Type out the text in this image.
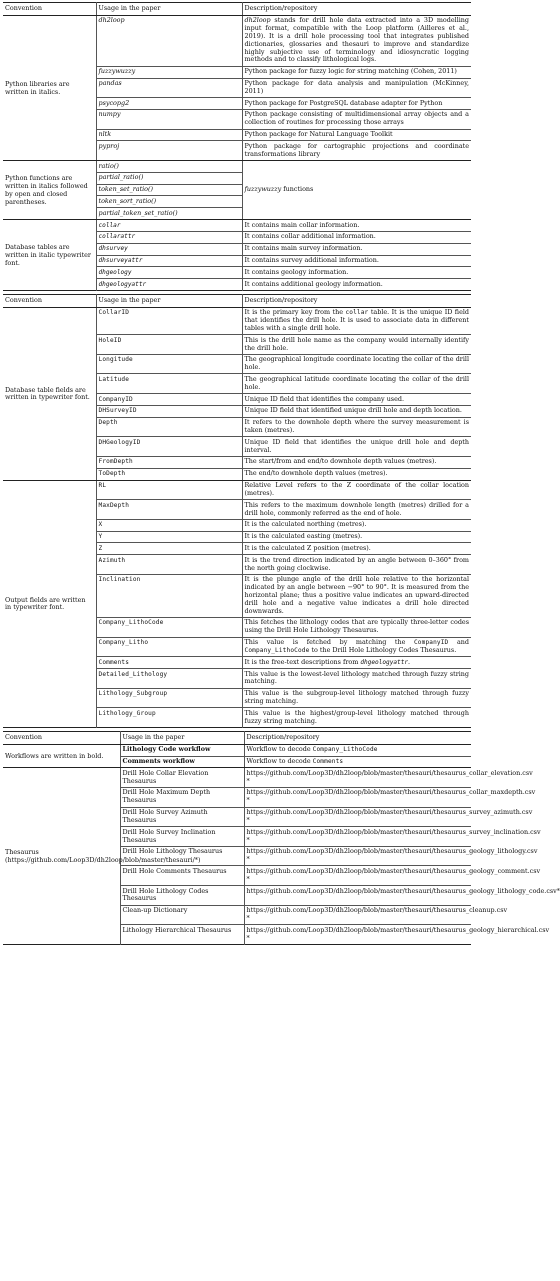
Convention	Usage in the paper	Description/repository
Python libraries are written in italics.	dh2loop	dh2loop stands for drill hole data extracted into a 3D modelling input format, compatible with the Loop platform (Ailleres et al., 2019). It is a drill hole processing tool that integrates published dictionaries, glossaries and thesauri to improve and standardize highly subjective use of terminology and idiosyncratic logging methods and to classify lithological logs.
	fuzzywuzzy	Python package for fuzzy logic for string matching (Cohen, 2011)
	pandas	Python package for data analysis and manipulation (McKinney, 2011)
	psycopg2	Python package for PostgreSQL database adapter for Python
	numpy	Python package consisting of multidimensional array objects and a collection of routines for processing those arrays
	nltk	Python package for Natural Language Toolkit
	pyproj	Python package for cartographic projections and coordinate transformations library
Python functions are written in italics followed by open and closed parentheses.	ratio()	fuzzywuzzy functions
	partial_ratio()	
	token_set_ratio()	
	token_sort_ratio()	
	partial_token_set_ratio()	
Database tables are written in italic typewriter font.	collar	It contains main collar information.
	collarattr	It contains collar additional information.
	dhsurvey	It contains main survey information.
	dhsurveyattr	It contains survey additional information.
	dhgeology	It contains geology information.
	dhgeologyattr	It contains additional geology information.
Convention	Usage in the paper	Description/repository
Database table fields are written in typewriter font.	CollarID	It is the primary key from the collar table. It is the unique ID field that identifies the drill hole. It is used to associate data in different tables with a single drill hole.
	HoleID	This is the drill hole name as the company would internally identify the drill hole.
	Longitude	The geographical longitude coordinate locating the collar of the drill hole.
	Latitude	The geographical latitude coordinate locating the collar of the drill hole.
	CompanyID	Unique ID field that identifies the company used.
	DHSurveyID	Unique ID field that identified unique drill hole and depth location.
	Depth	It refers to the downhole depth where the survey measurement is taken (metres).
	DHGeologyID	Unique ID field that identifies the unique drill hole and depth interval.
	FromDepth	The start/from and end/to downhole depth values (metres).
	ToDepth	The end/to downhole depth values (metres).
Output fields are written in typewriter font.	RL	Relative Level refers to the Z coordinate of the collar location (metres).
	MaxDepth	This refers to the maximum downhole length (metres) drilled for a drill hole, commonly referred as the end of hole.
	X	It is the calculated northing (metres).
	Y	It is the calculated easting (metres).
	Z	It is the calculated Z position (metres).
	Azimuth	It is the trend direction indicated by an angle between 0–360° from the north going clockwise.
	Inclination	It is the plunge angle of the drill hole relative to the horizontal indicated by an angle between −90° to 90°. It is measured from the horizontal plane; thus a positive value indicates an upward-directed drill hole and a negative value indicates a drill hole directed downwards.
	Company_LithoCode	This fetches the lithology codes that are typically three-letter codes using the Drill Hole Lithology Thesaurus.
	Company_Litho	This value is fetched by matching the CompanyID and Company_LithoCode to the Drill Hole Lithology Codes Thesaurus.
	Comments	It is the free-text descriptions from dhgeologyattr.
	Detailed_Lithology	This value is the lowest-level lithology matched through fuzzy string matching.
	Lithology_Subgroup	This value is the subgroup-level lithology matched through fuzzy string matching.
	Lithology_Group	This value is the highest/group-level lithology matched through fuzzy string matching.
Convention	Usage in the paper	Description/repository
Workflows are written in bold.	Lithology Code workflow	Workflow to decode Company_LithoCode
	Comments workflow	Workflow to decode Comments
Thesaurus (https://github.com/Loop3D/dh2loop/blob/master/thesauri/*)	Drill Hole Collar Elevation Thesaurus	https://github.com/Loop3D/dh2loop/blob/master/thesauri/thesaurus_collar_elevation.csv *
	Drill Hole Maximum Depth Thesaurus	https://github.com/Loop3D/dh2loop/blob/master/thesauri/thesaurus_collar_maxdepth.csv *
	Drill Hole Survey Azimuth Thesaurus	https://github.com/Loop3D/dh2loop/blob/master/thesauri/thesaurus_survey_azimuth.csv *
	Drill Hole Survey Inclination Thesaurus	https://github.com/Loop3D/dh2loop/blob/master/thesauri/thesaurus_survey_inclination.csv *
	Drill Hole Lithology Thesaurus	https://github.com/Loop3D/dh2loop/blob/master/thesauri/thesaurus_geology_lithology.csv *
	Drill Hole Comments Thesaurus	https://github.com/Loop3D/dh2loop/blob/master/thesauri/thesaurus_geology_comment.csv *
	Drill Hole Lithology Codes Thesaurus	https://github.com/Loop3D/dh2loop/blob/master/thesauri/thesaurus_geology_lithology_code.csv*
	Clean-up Dictionary	https://github.com/Loop3D/dh2loop/blob/master/thesauri/thesaurus_cleanup.csv *
	Lithology Hierarchical Thesaurus	https://github.com/Loop3D/dh2loop/blob/master/thesauri/thesaurus_geology_hierarchical.csv *
